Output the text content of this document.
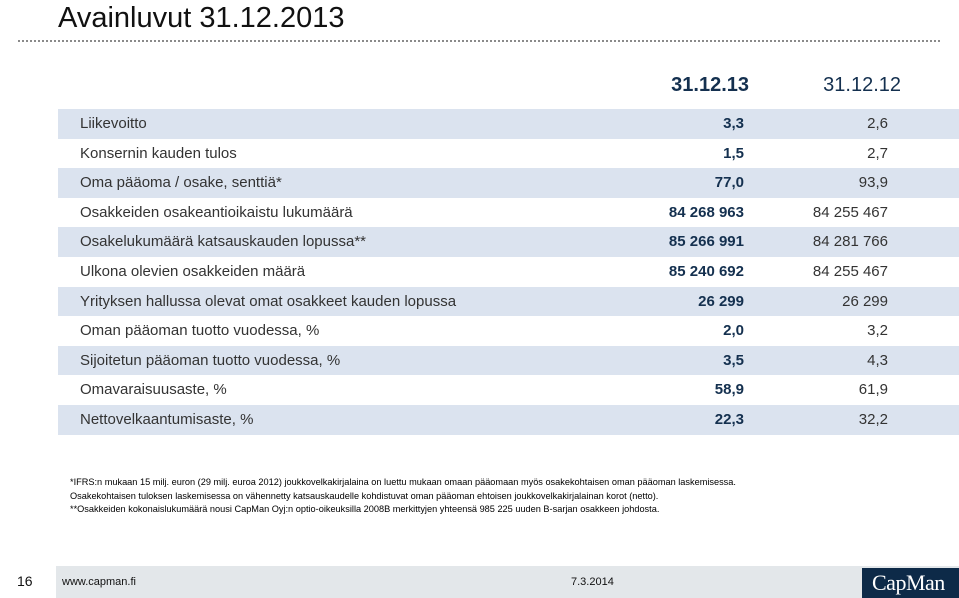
Avainluvut 31.12.2013
31.12.13	31.12.12
Liikevoitto	3,3	2,6
Konsernin kauden tulos	1,5	2,7
Oma pääoma / osake, senttiä*	77,0	93,9
Osakkeiden osakeantioikaistu lukumäärä	84 268 963	84 255 467
Osakelukumäärä katsauskauden lopussa**	85 266 991	84 281 766
Ulkona olevien osakkeiden määrä	85 240 692	84 255 467
Yrityksen hallussa olevat omat osakkeet kauden lopussa	26 299	26 299
Oman pääoman tuotto vuodessa, %	2,0	3,2
Sijoitetun pääoman tuotto vuodessa, %	3,5	4,3
Omavaraisuusaste, %	58,9	61,9
Nettovelkaantumisaste, %	22,3	32,2
*IFRS:n mukaan 15 milj. euron (29 milj. euroa 2012) joukkovelkakirjalaina on luettu mukaan omaan pääomaan myös osakekohtaisen oman pääoman laskemisessa.
Osakekohtaisen tuloksen laskemisessa on vähennetty katsauskaudelle kohdistuvat oman pääoman ehtoisen joukkovelkakirjalainan korot (netto).
**Osakkeiden kokonaislukumäärä nousi CapMan Oyj:n optio-oikeuksilla 2008B merkittyjen yhteensä 985 225 uuden B-sarjan osakkeen johdosta.
16	www.capman.fi	7.3.2014	CapMan
